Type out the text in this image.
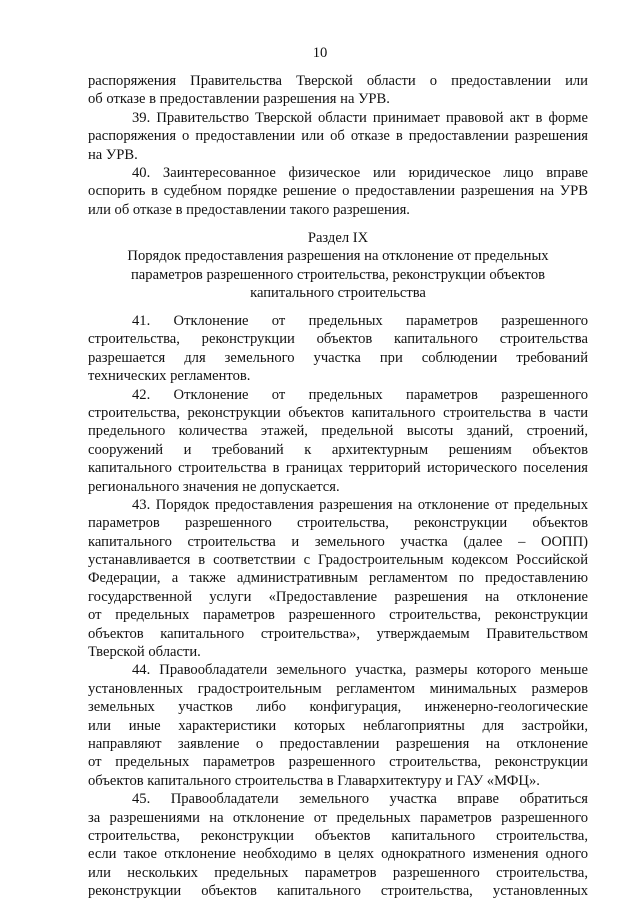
10
распоряжения Правительства Тверской области о предоставлении или
об отказе в предоставлении разрешения на УРВ.
39. Правительство Тверской области принимает правовой акт в форме
распоряжения о предоставлении или об отказе в предоставлении разрешения
на УРВ.
40. Заинтересованное физическое или юридическое лицо вправе
оспорить в судебном порядке решение о предоставлении разрешения на УРВ
или об отказе в предоставлении такого разрешения.
Раздел IX
Порядок предоставления разрешения на отклонение от предельных
параметров разрешенного строительства, реконструкции объектов
капитального строительства
41. Отклонение от предельных параметров разрешенного
строительства, реконструкции объектов капитального строительства
разрешается для земельного участка при соблюдении требований
технических регламентов.
42. Отклонение от предельных параметров разрешенного
строительства, реконструкции объектов капитального строительства в части
предельного количества этажей, предельной высоты зданий, строений,
сооружений и требований к архитектурным решениям объектов
капитального строительства в границах территорий исторического поселения
регионального значения не допускается.
43. Порядок предоставления разрешения на отклонение от предельных
параметров разрешенного строительства, реконструкции объектов
капитального строительства и земельного участка (далее – ООПП)
устанавливается в соответствии с Градостроительным кодексом Российской
Федерации, а также административным регламентом по предоставлению
государственной услуги «Предоставление разрешения на отклонение
от предельных параметров разрешенного строительства, реконструкции
объектов капитального строительства», утверждаемым Правительством
Тверской области.
44. Правообладатели земельного участка, размеры которого меньше
установленных градостроительным регламентом минимальных размеров
земельных участков либо конфигурация, инженерно-геологические
или иные характеристики которых неблагоприятны для застройки,
направляют заявление о предоставлении разрешения на отклонение
от предельных параметров разрешенного строительства, реконструкции
объектов капитального строительства в Главархитектуру и ГАУ «МФЦ».
45. Правообладатели земельного участка вправе обратиться
за разрешениями на отклонение от предельных параметров разрешенного
строительства, реконструкции объектов капитального строительства,
если такое отклонение необходимо в целях однократного изменения одного
или нескольких предельных параметров разрешенного строительства,
реконструкции объектов капитального строительства, установленных
